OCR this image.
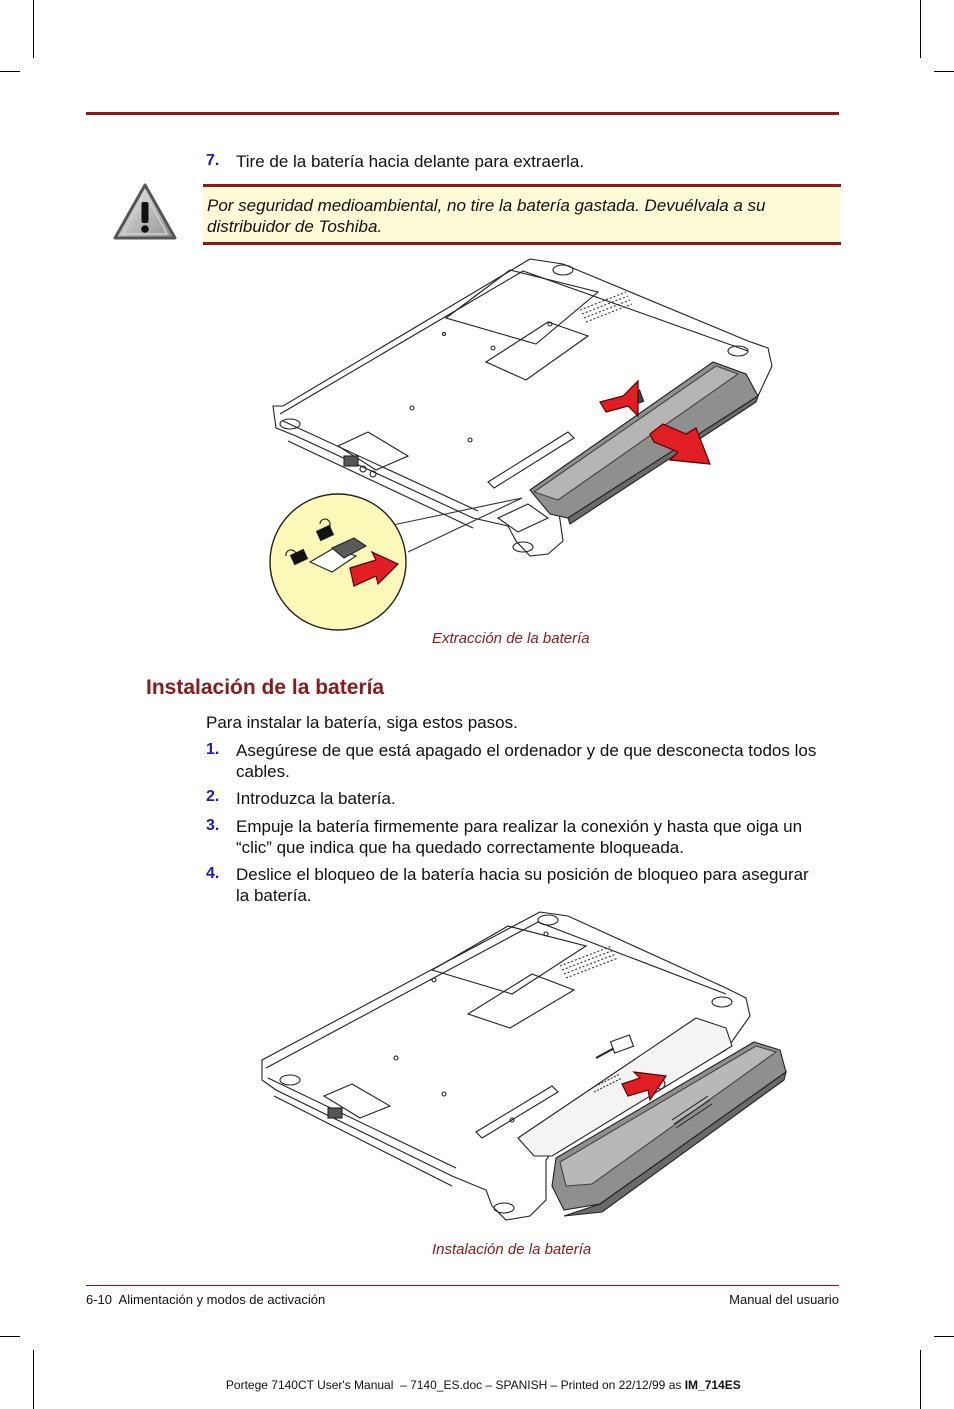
7. Tire de la batería hacia delante para extraerla.
Por seguridad medioambiental, no tire la batería gastada. Devuélvala a su distribuidor de Toshiba.
Extracción de la batería
Instalación de la batería
Para instalar la batería, siga estos pasos.
1. Asegúrese de que está apagado el ordenador y de que desconecta todos los cables.
2. Introduzca la batería.
3. Empuje la batería firmemente para realizar la conexión y hasta que oiga un “clic” que indica que ha quedado correctamente bloqueada.
4. Deslice el bloqueo de la batería hacia su posición de bloqueo para asegurar la batería.
Instalación de la batería
6-10  Alimentación y modos de activación	Manual del usuario

Portege 7140CT User's Manual  – 7140_ES.doc – SPANISH – Printed on 22/12/99 as IM_714ES
